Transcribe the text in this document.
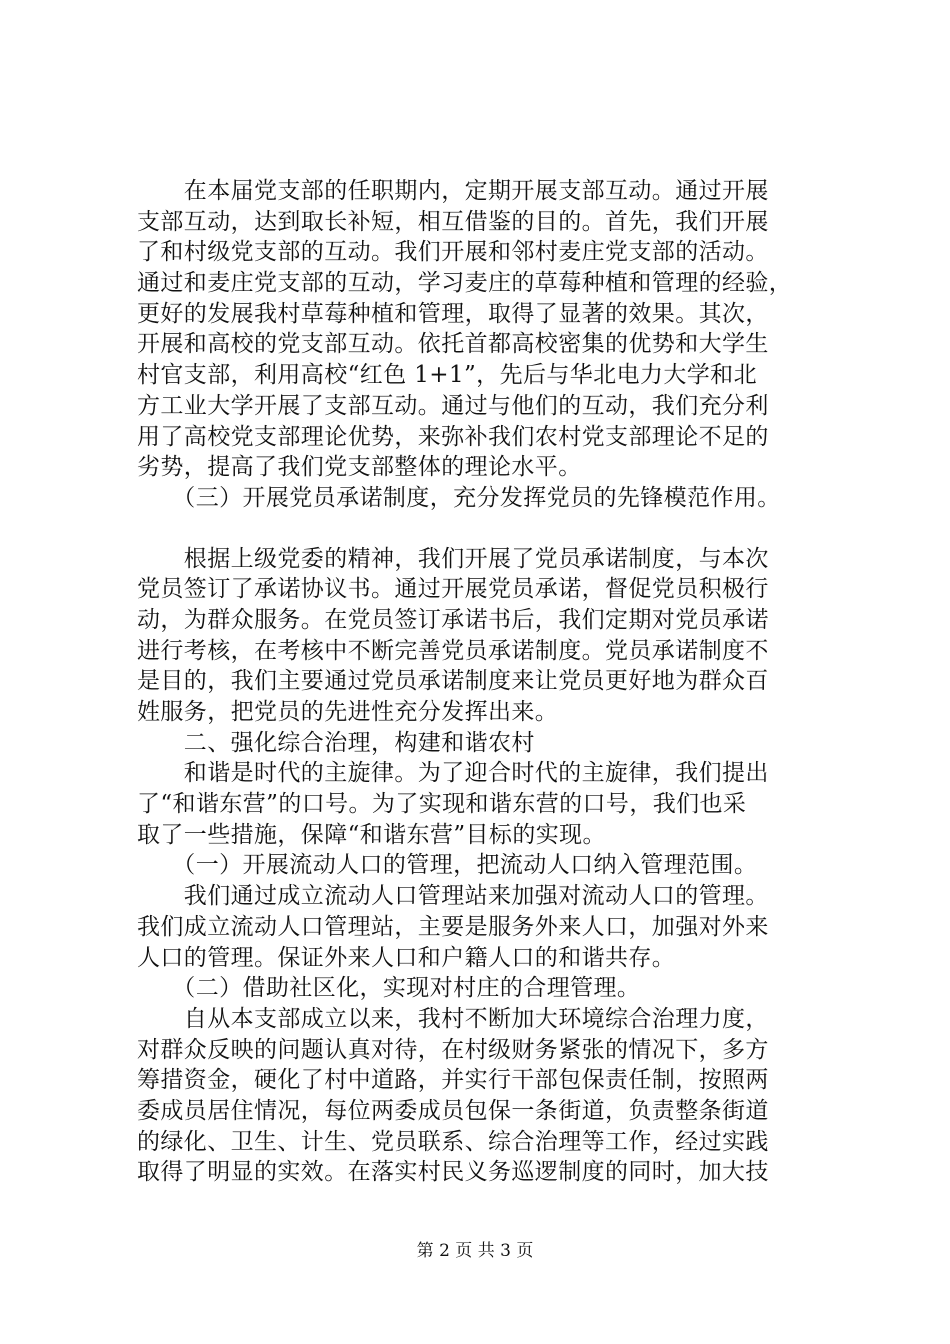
　　在本届党支部的任职期内，定期开展支部互动。通过开展
支部互动，达到取长补短，相互借鉴的目的。首先，我们开展
了和村级党支部的互动。我们开展和邻村麦庄党支部的活动。
通过和麦庄党支部的互动，学习麦庄的草莓种植和管理的经验，
更好的发展我村草莓种植和管理，取得了显著的效果。其次，
开展和高校的党支部互动。依托首都高校密集的优势和大学生
村官支部，利用高校“红色 1+1”，先后与华北电力大学和北
方工业大学开展了支部互动。通过与他们的互动，我们充分利
用了高校党支部理论优势，来弥补我们农村党支部理论不足的
劣势，提高了我们党支部整体的理论水平。
　　（三）开展党员承诺制度，充分发挥党员的先锋模范作用。
　　根据上级党委的精神，我们开展了党员承诺制度，与本次
党员签订了承诺协议书。通过开展党员承诺，督促党员积极行
动，为群众服务。在党员签订承诺书后，我们定期对党员承诺
进行考核，在考核中不断完善党员承诺制度。党员承诺制度不
是目的，我们主要通过党员承诺制度来让党员更好地为群众百
姓服务，把党员的先进性充分发挥出来。
　　二、强化综合治理，构建和谐农村
　　和谐是时代的主旋律。为了迎合时代的主旋律，我们提出
了“和谐东营”的口号。为了实现和谐东营的口号，我们也采
取了一些措施，保障“和谐东营”目标的实现。
　　（一）开展流动人口的管理，把流动人口纳入管理范围。
　　我们通过成立流动人口管理站来加强对流动人口的管理。
我们成立流动人口管理站，主要是服务外来人口，加强对外来
人口的管理。保证外来人口和户籍人口的和谐共存。
　　（二）借助社区化，实现对村庄的合理管理。
　　自从本支部成立以来，我村不断加大环境综合治理力度，
对群众反映的问题认真对待，在村级财务紧张的情况下，多方
筹措资金，硬化了村中道路，并实行干部包保责任制，按照两
委成员居住情况，每位两委成员包保一条街道，负责整条街道
的绿化、卫生、计生、党员联系、综合治理等工作，经过实践
取得了明显的实效。在落实村民义务巡逻制度的同时，加大技
第 2 页 共 3 页
